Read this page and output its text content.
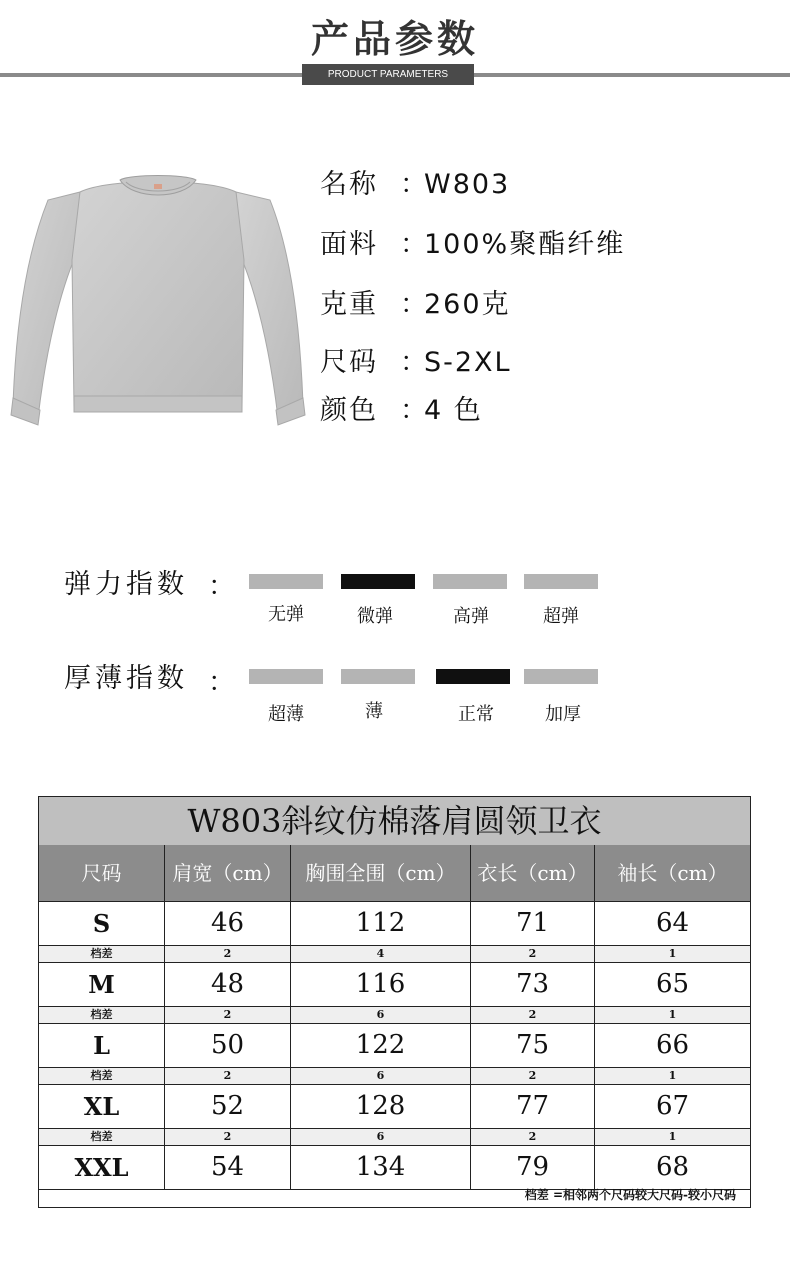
产品参数
PRODUCT PARAMETERS
名称 ：W803
面料 ：100%聚酯纤维
克重 ：260克
尺码 ：S-2XL
颜色 ：4 色
弹力指数 ：
无弹	微弹	高弹	超弹
厚薄指数 ：
超薄	薄	正常	加厚
W803斜纹仿棉落肩圆领卫衣
尺码	肩宽（cm）	胸围全围（cm）	衣长（cm）	袖长（cm）
S	46	112	71	64
档差	2	4	2	1
M	48	116	73	65
档差	2	6	2	1
L	50	122	75	66
档差	2	6	2	1
XL	52	128	77	67
档差	2	6	2	1
XXL	54	134	79	68
档差 =相邻两个尺码较大尺码-较小尺码
